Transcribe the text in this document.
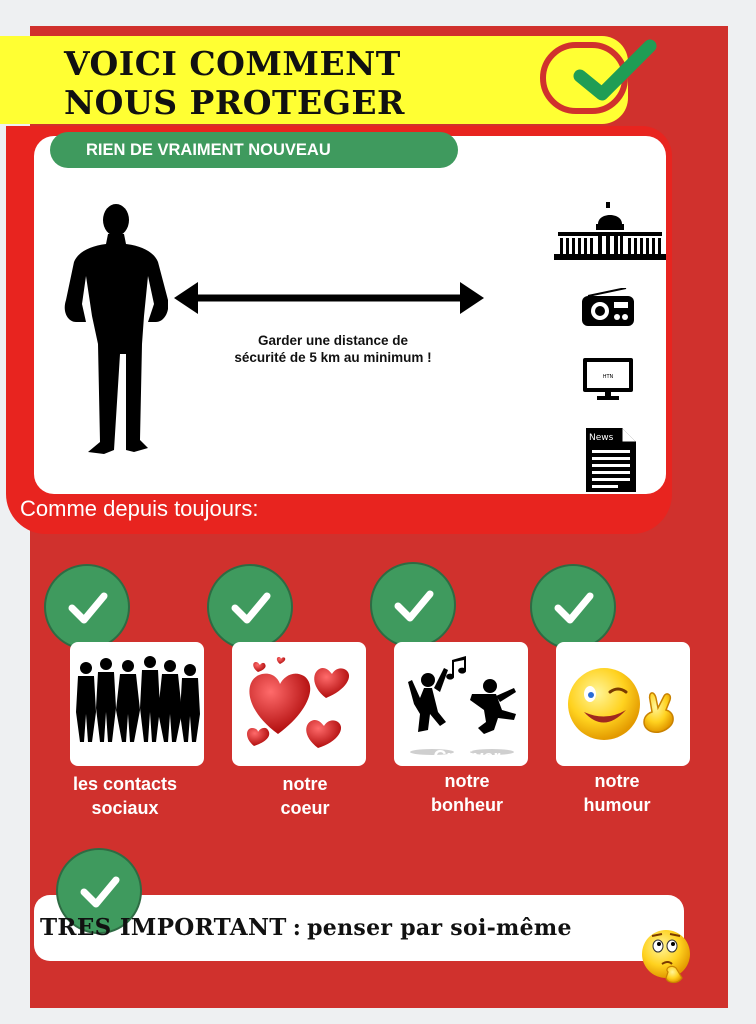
VOICI COMMENT
NOUS PROTEGER
RIEN DE VRAIMENT NOUVEAU

Garder une distance de
sécurité de 5 km au minimum !

HTN
News

Comme depuis toujours:

Entretenir
les contacts
sociaux

Ecouter
notre
coeur

Cultiver
notre
bonheur

Garder
notre
humour

TRES IMPORTANT : penser par soi-même
